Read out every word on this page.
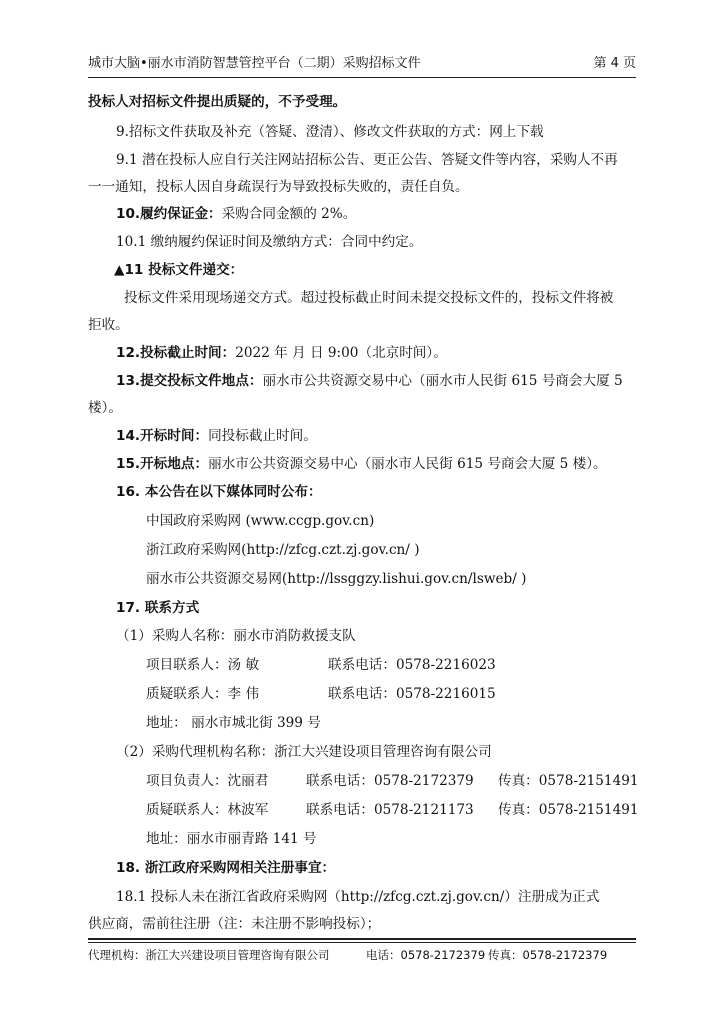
城市大脑•丽水市消防智慧管控平台（二期）采购招标文件	第 4 页
投标人对招标文件提出质疑的，不予受理。
9.招标文件获取及补充（答疑、澄清）、修改文件获取的方式：网上下载
9.1 潜在投标人应自行关注网站招标公告、更正公告、答疑文件等内容，采购人不再
一一通知，投标人因自身疏误行为导致投标失败的，责任自负。
10.履约保证金：采购合同金额的 2%。
10.1 缴纳履约保证时间及缴纳方式：合同中约定。
▲11 投标文件递交：
投标文件采用现场递交方式。超过投标截止时间未提交投标文件的，投标文件将被
拒收。
12.投标截止时间：2022 年 月 日 9:00（北京时间）。
13.提交投标文件地点：丽水市公共资源交易中心（丽水市人民街 615 号商会大厦 5
楼）。
14.开标时间：同投标截止时间。
15.开标地点：丽水市公共资源交易中心（丽水市人民街 615 号商会大厦 5 楼）。
16. 本公告在以下媒体同时公布：
中国政府采购网 (www.ccgp.gov.cn)
浙江政府采购网(http://zfcg.czt.zj.gov.cn/ )
丽水市公共资源交易网(http://lssggzy.lishui.gov.cn/lsweb/ )
17. 联系方式
（1）采购人名称：丽水市消防救援支队
项目联系人：汤 敏	联系电话：0578-2216023
质疑联系人：李 伟	联系电话：0578-2216015
地址： 丽水市城北街 399 号
（2）采购代理机构名称：浙江大兴建设项目管理咨询有限公司
项目负责人：沈丽君	联系电话：0578-2172379 传真：0578-2151491
质疑联系人：林波军	联系电话：0578-2121173 传真：0578-2151491
地址：丽水市丽青路 141 号
18. 浙江政府采购网相关注册事宜：
18.1 投标人未在浙江省政府采购网（http://zfcg.czt.zj.gov.cn/）注册成为正式
供应商，需前往注册（注：未注册不影响投标）；
代理机构：浙江大兴建设项目管理咨询有限公司	电话：0578-2172379 传真：0578-2172379
